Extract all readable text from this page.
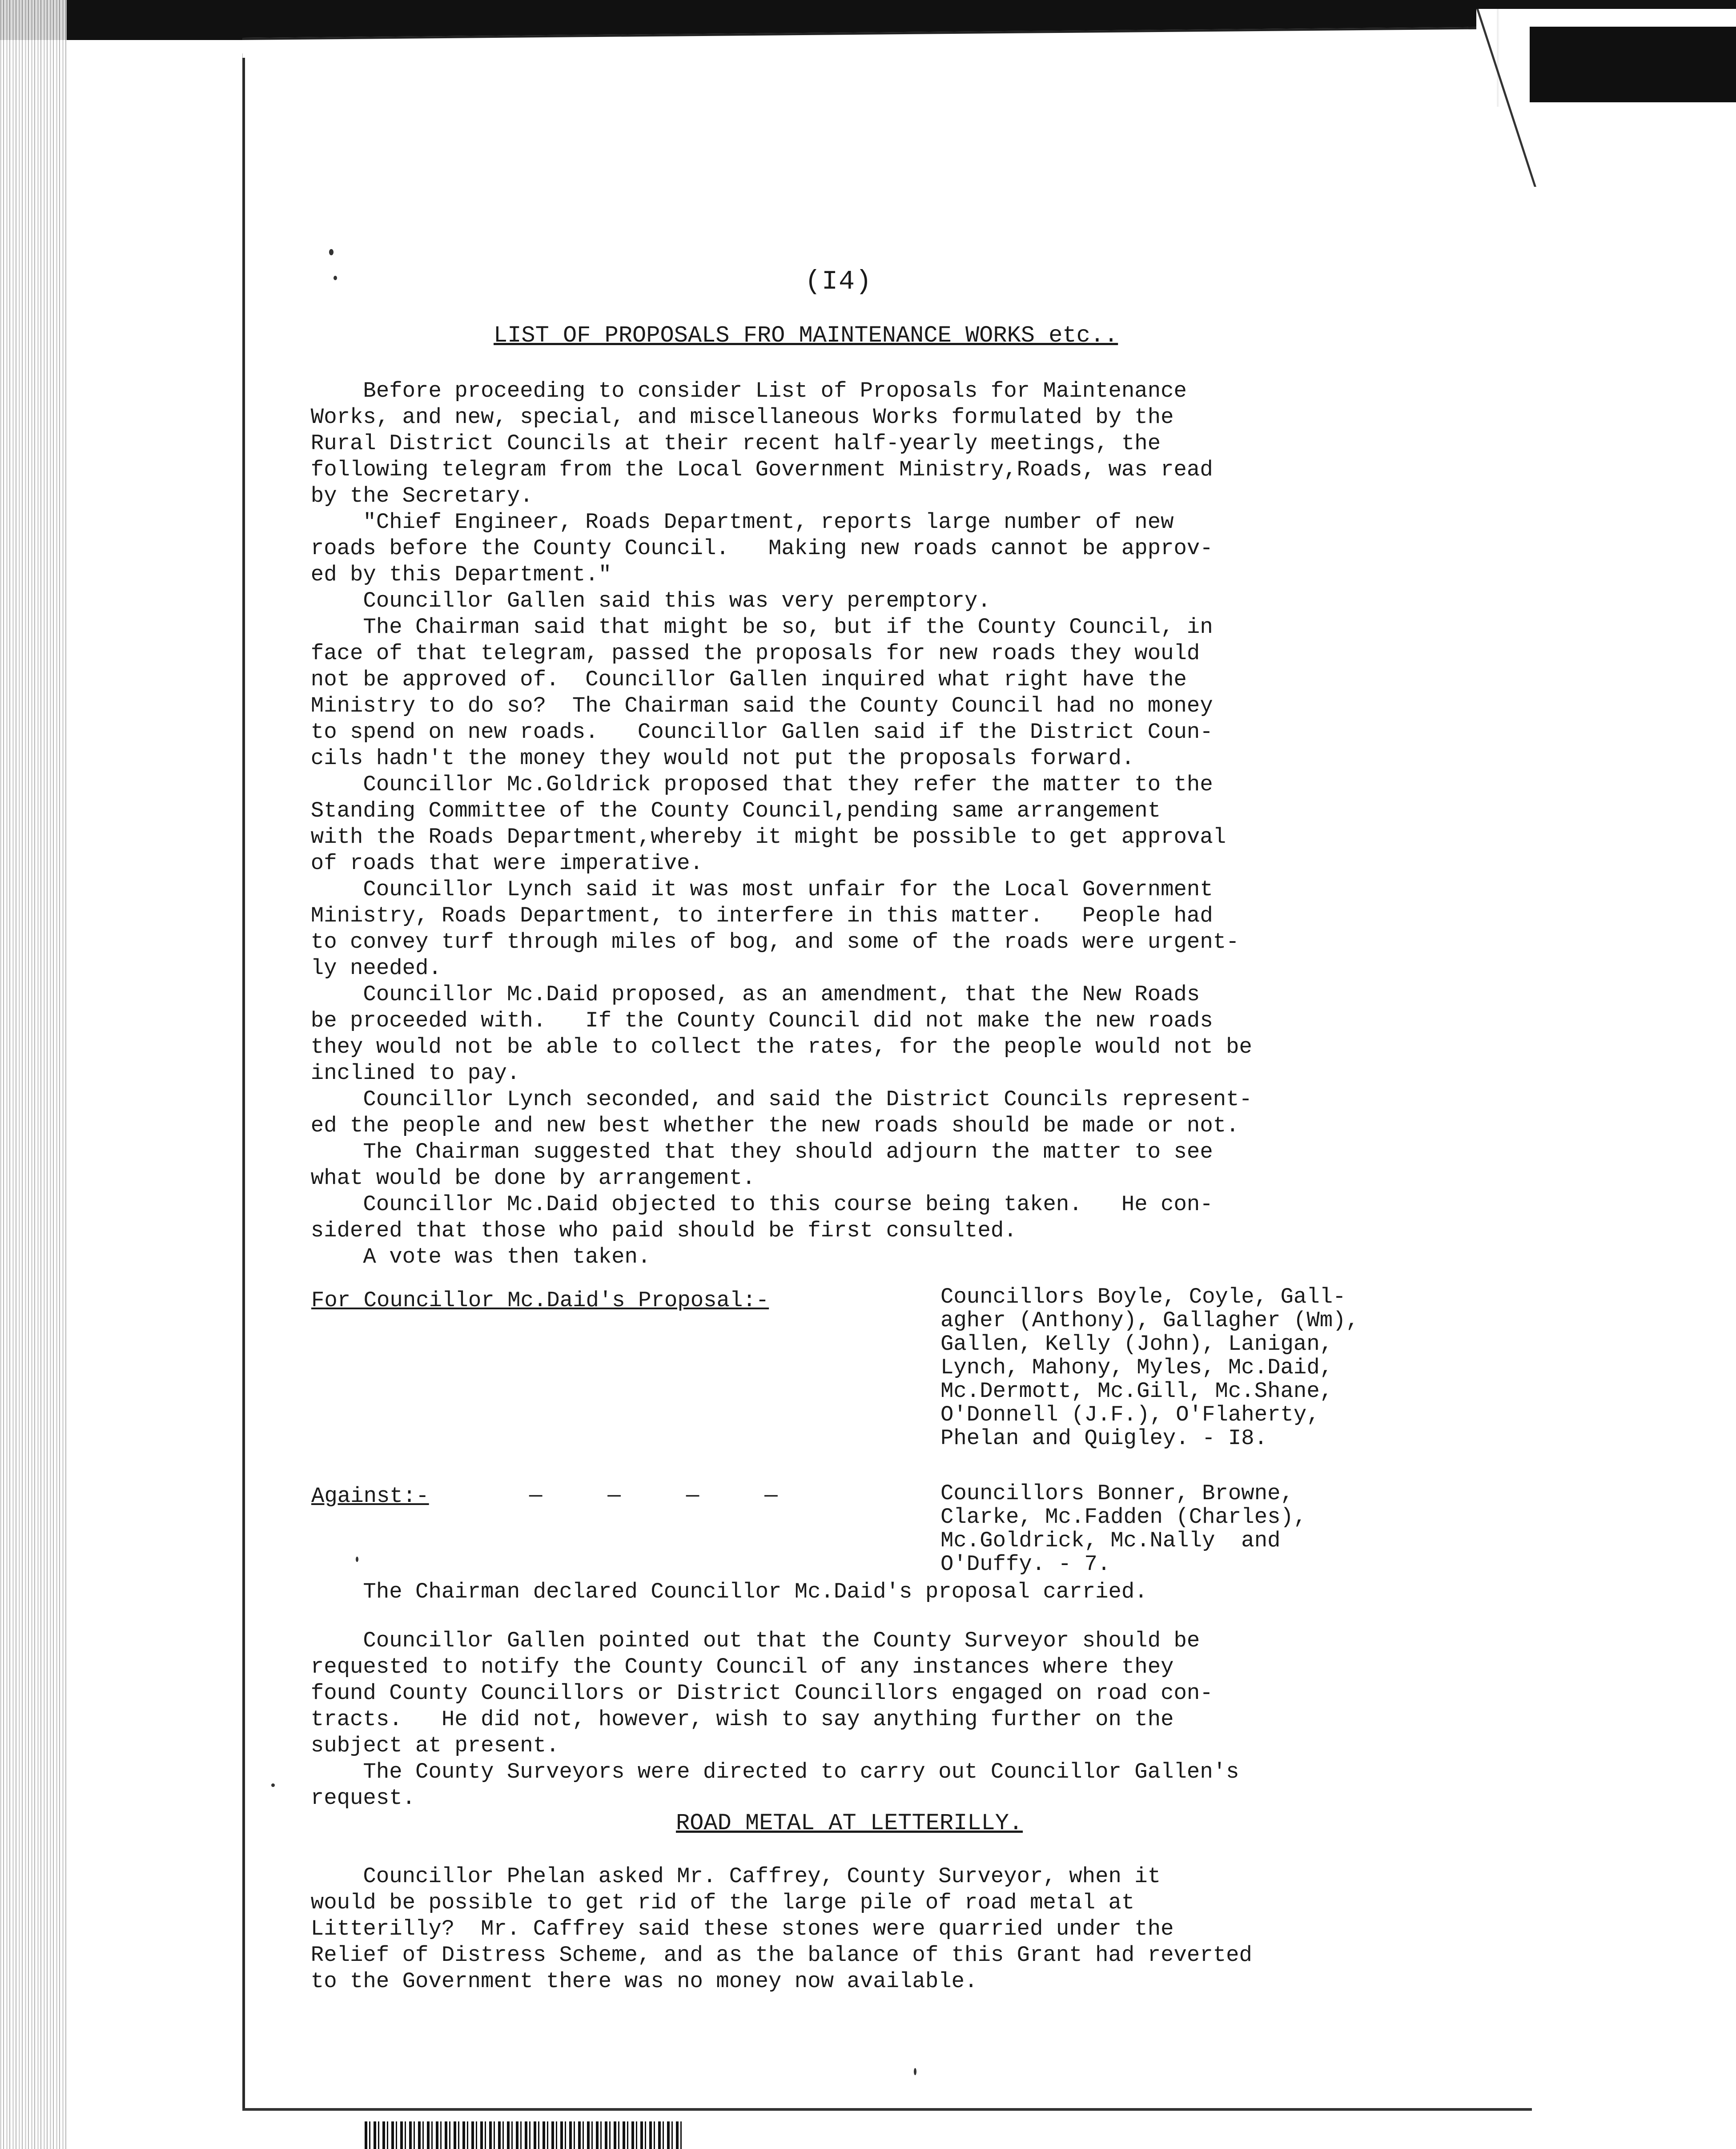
(I4)
LIST OF PROPOSALS FRO MAINTENANCE WORKS etc..
Before proceeding to consider List of Proposals for Maintenance
Works, and new, special, and miscellaneous Works formulated by the
Rural District Councils at their recent half-yearly meetings, the
following telegram from the Local Government Ministry,Roads, was read
by the Secretary.
"Chief Engineer, Roads Department, reports large number of new
roads before the County Council.   Making new roads cannot be approv-
ed by this Department."
Councillor Gallen said this was very peremptory.
The Chairman said that might be so, but if the County Council, in
face of that telegram, passed the proposals for new roads they would
not be approved of.  Councillor Gallen inquired what right have the
Ministry to do so?  The Chairman said the County Council had no money
to spend on new roads.   Councillor Gallen said if the District Coun-
cils hadn't the money they would not put the proposals forward.
Councillor Mc.Goldrick proposed that they refer the matter to the
Standing Committee of the County Council,pending same arrangement
with the Roads Department,whereby it might be possible to get approval
of roads that were imperative.
Councillor Lynch said it was most unfair for the Local Government
Ministry, Roads Department, to interfere in this matter.   People had
to convey turf through miles of bog, and some of the roads were urgent-
ly needed.
Councillor Mc.Daid proposed, as an amendment, that the New Roads
be proceeded with.   If the County Council did not make the new roads
they would not be able to collect the rates, for the people would not be
inclined to pay.
Councillor Lynch seconded, and said the District Councils represent-
ed the people and new best whether the new roads should be made or not.
The Chairman suggested that they should adjourn the matter to see
what would be done by arrangement.
Councillor Mc.Daid objected to this course being taken.   He con-
sidered that those who paid should be first consulted.
A vote was then taken.
For Councillor Mc.Daid's Proposal:-	Councillors Boyle, Coyle, Gall-
agher (Anthony), Gallagher (Wm),
Gallen, Kelly (John), Lanigan,
Lynch, Mahony, Myles, Mc.Daid,
Mc.Dermott, Mc.Gill, Mc.Shane,
O'Donnell (J.F.), O'Flaherty,
Phelan and Quigley. - I8.
Against:-	—     —     —     —	Councillors Bonner, Browne,
Clarke, Mc.Fadden (Charles),
Mc.Goldrick, Mc.Nally  and
O'Duffy. - 7.
The Chairman declared Councillor Mc.Daid's proposal carried.
Councillor Gallen pointed out that the County Surveyor should be
requested to notify the County Council of any instances where they
found County Councillors or District Councillors engaged on road con-
tracts.   He did not, however, wish to say anything further on the
subject at present.
The County Surveyors were directed to carry out Councillor Gallen's
request.
ROAD METAL AT LETTERILLY.
Councillor Phelan asked Mr. Caffrey, County Surveyor, when it
would be possible to get rid of the large pile of road metal at
Litterilly?  Mr. Caffrey said these stones were quarried under the
Relief of Distress Scheme, and as the balance of this Grant had reverted
to the Government there was no money now available.
